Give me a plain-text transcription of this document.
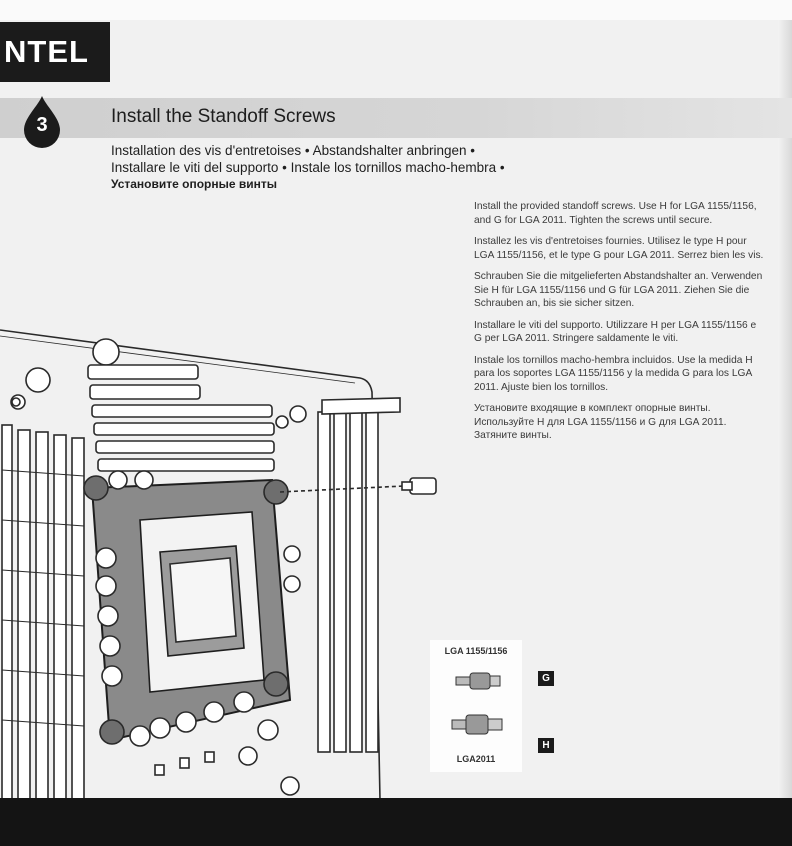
NTEL
3	Install the Standoff Screws
Installation des vis d'entretoises • Abstandshalter anbringen •
Installare le viti del supporto • Instale los tornillos macho-hembra •
Установите опорные винты

Install the provided standoff screws. Use H for LGA 1155/1156, and G for LGA 2011. Tighten the screws until secure.

Installez les vis d'entretoises fournies. Utilisez le type H pour LGA 1155/1156, et le type G pour LGA 2011. Serrez bien les vis.

Schrauben Sie die mitgelieferten Abstandshalter an. Verwenden Sie H für LGA 1155/1156 und G für LGA 2011. Ziehen Sie die Schrauben an, bis sie sicher sitzen.

Installare le viti del supporto. Utilizzare H per LGA 1155/1156 e G per LGA 2011. Stringere saldamente le viti.

Instale los tornillos macho-hembra incluidos. Use la medida H para los soportes LGA 1155/1156 y la medida G para los LGA 2011. Ajuste bien los tornillos.

Установите входящие в комплект опорные винты. Используйте H для LGA 1155/1156 и G для LGA 2011. Затяните винты.

LGA 1155/1156
LGA2011
G
H
